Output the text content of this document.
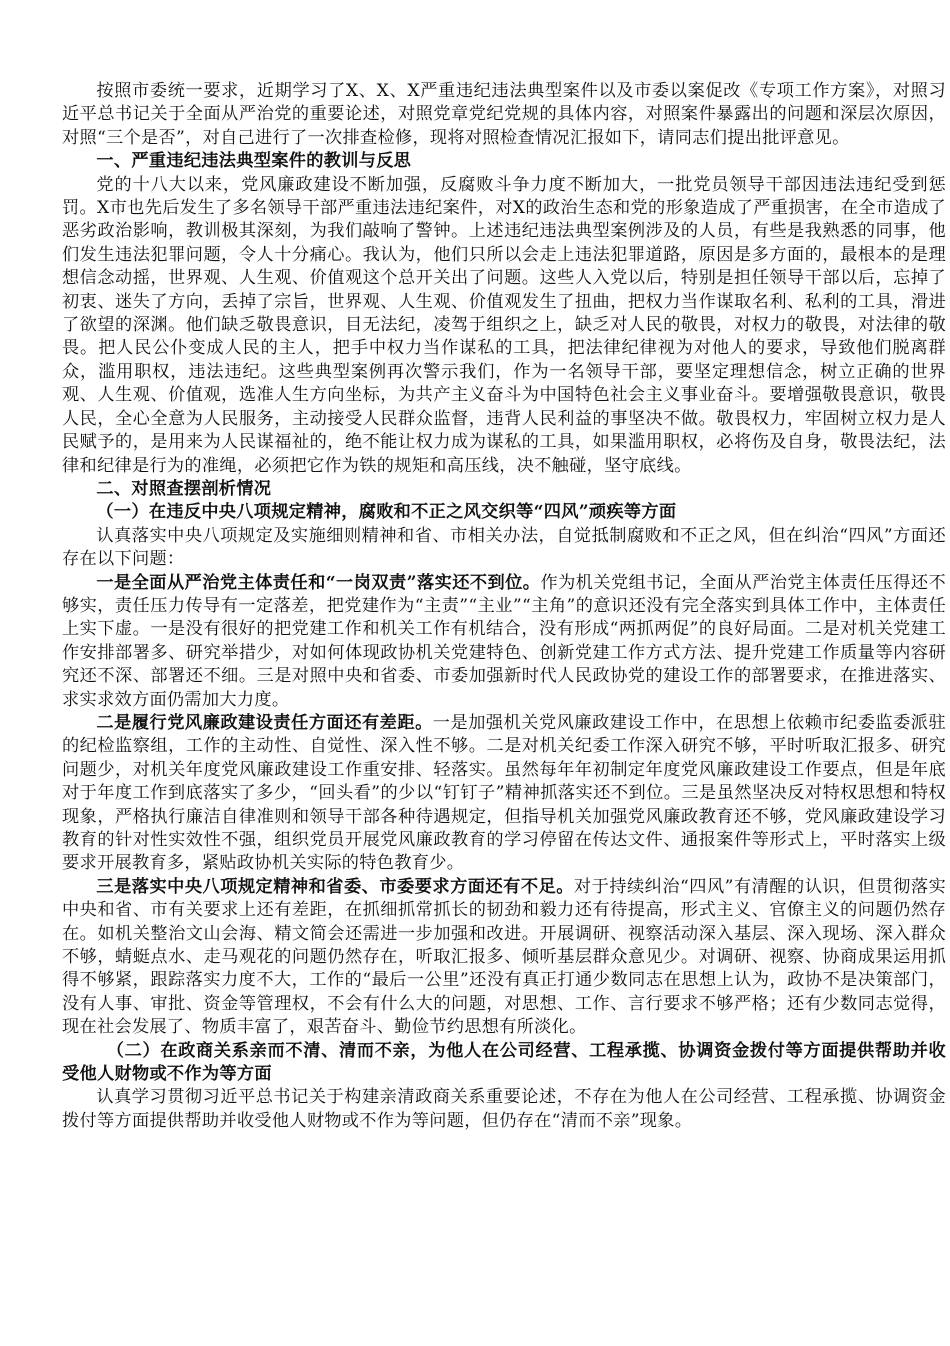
按照市委统一要求，近期学习了X、X、X严重违纪违法典型案件以及市委以案促改《专项工作方案》，对照习近平总书记关于全面从严治党的重要论述，对照党章党纪党规的具体内容，对照案件暴露出的问题和深层次原因，对照“三个是否”，对自己进行了一次排查检修，现将对照检查情况汇报如下，请同志们提出批评意见。

一、严重违纪违法典型案件的教训与反思

党的十八大以来，党风廉政建设不断加强，反腐败斗争力度不断加大，一批党员领导干部因违法违纪受到惩罚。X市也先后发生了多名领导干部严重违法违纪案件，对X的政治生态和党的形象造成了严重损害，在全市造成了恶劣政治影响，教训极其深刻，为我们敲响了警钟。上述违纪违法典型案例涉及的人员，有些是我熟悉的同事，他们发生违法犯罪问题，令人十分痛心。我认为，他们只所以会走上违法犯罪道路，原因是多方面的，最根本的是理想信念动摇，世界观、人生观、价值观这个总开关出了问题。这些人入党以后，特别是担任领导干部以后，忘掉了初衷、迷失了方向，丢掉了宗旨，世界观、人生观、价值观发生了扭曲，把权力当作谋取名利、私利的工具，滑进了欲望的深渊。他们缺乏敬畏意识，目无法纪，凌驾于组织之上，缺乏对人民的敬畏，对权力的敬畏，对法律的敬畏。把人民公仆变成人民的主人，把手中权力当作谋私的工具，把法律纪律视为对他人的要求，导致他们脱离群众，滥用职权，违法违纪。这些典型案例再次警示我们，作为一名领导干部，要坚定理想信念，树立正确的世界观、人生观、价值观，选准人生方向坐标，为共产主义奋斗为中国特色社会主义事业奋斗。要增强敬畏意识，敬畏人民，全心全意为人民服务，主动接受人民群众监督，违背人民利益的事坚决不做。敬畏权力，牢固树立权力是人民赋予的，是用来为人民谋福祉的，绝不能让权力成为谋私的工具，如果滥用职权，必将伤及自身，敬畏法纪，法律和纪律是行为的准绳，必须把它作为铁的规矩和高压线，决不触碰，坚守底线。

二、对照查摆剖析情况
（一）在违反中央八项规定精神，腐败和不正之风交织等“四风”顽疾等方面

认真落实中央八项规定及实施细则精神和省、市相关办法，自觉抵制腐败和不正之风，但在纠治“四风”方面还存在以下问题：

一是全面从严治党主体责任和“一岗双责”落实还不到位。作为机关党组书记，全面从严治党主体责任压得还不够实，责任压力传导有一定落差，把党建作为“主责”“主业”“主角”的意识还没有完全落实到具体工作中，主体责任上实下虚。一是没有很好的把党建工作和机关工作有机结合，没有形成“两抓两促”的良好局面。二是对机关党建工作安排部署多、研究举措少，对如何体现政协机关党建特色、创新党建工作方式方法、提升党建工作质量等内容研究还不深、部署还不细。三是对照中央和省委、市委加强新时代人民政协党的建设工作的部署要求，在推进落实、求实求效方面仍需加大力度。

二是履行党风廉政建设责任方面还有差距。一是加强机关党风廉政建设工作中，在思想上依赖市纪委监委派驻的纪检监察组，工作的主动性、自觉性、深入性不够。二是对机关纪委工作深入研究不够，平时听取汇报多、研究问题少，对机关年度党风廉政建设工作重安排、轻落实。虽然每年年初制定年度党风廉政建设工作要点，但是年底对于年度工作到底落实了多少，“回头看”的少以“钉钉子”精神抓落实还不到位。三是虽然坚决反对特权思想和特权现象，严格执行廉洁自律准则和领导干部各种待遇规定，但指导机关加强党风廉政教育还不够，党风廉政建设学习教育的针对性实效性不强，组织党员开展党风廉政教育的学习停留在传达文件、通报案件等形式上，平时落实上级要求开展教育多，紧贴政协机关实际的特色教育少。

三是落实中央八项规定精神和省委、市委要求方面还有不足。对于持续纠治“四风”有清醒的认识，但贯彻落实中央和省、市有关要求上还有差距，在抓细抓常抓长的韧劲和毅力还有待提高，形式主义、官僚主义的问题仍然存在。如机关整治文山会海、精文简会还需进一步加强和改进。开展调研、视察活动深入基层、深入现场、深入群众不够，蜻蜓点水、走马观花的问题仍然存在，听取汇报多、倾听基层群众意见少。对调研、视察、协商成果运用抓得不够紧，跟踪落实力度不大，工作的“最后一公里”还没有真正打通少数同志在思想上认为，政协不是决策部门，没有人事、审批、资金等管理权，不会有什么大的问题，对思想、工作、言行要求不够严格；还有少数同志觉得，现在社会发展了、物质丰富了，艰苦奋斗、勤俭节约思想有所淡化。

（二）在政商关系亲而不清、清而不亲，为他人在公司经营、工程承揽、协调资金拨付等方面提供帮助并收受他人财物或不作为等方面

认真学习贯彻习近平总书记关于构建亲清政商关系重要论述，不存在为他人在公司经营、工程承揽、协调资金拨付等方面提供帮助并收受他人财物或不作为等问题，但仍存在“清而不亲”现象。
